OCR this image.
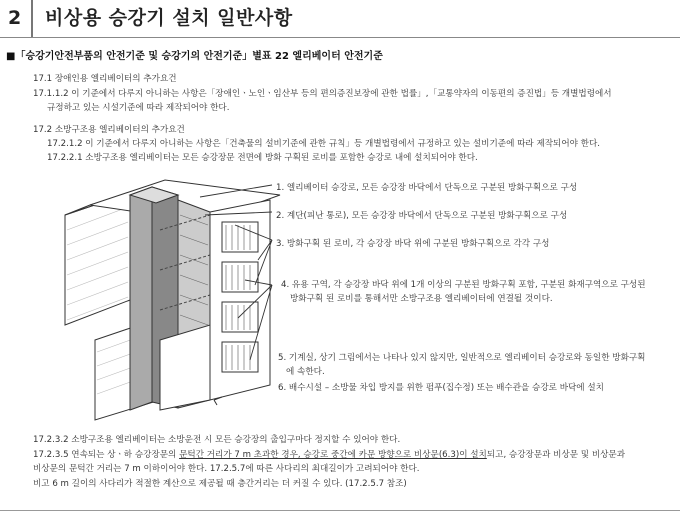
2	비상용 승강기 설치 일반사항
■「승강기안전부품의 안전기준 및 승강기의 안전기준」별표 22 엘리베이터 안전기준
17.1 장애인용 엘리베이터의 추가요건
17.1.1.2 이 기준에서 다루지 아니하는 사항은「장애인ㆍ노인ㆍ임산부 등의 편의증진보장에 관한 법률」,「교통약자의 이동편의 증진법」등 개별법령에서
규정하고 있는 시설기준에 따라 제작되어야 한다.
17.2 소방구조용 엘리베이터의 추가요건
17.2.1.2 이 기준에서 다루지 아니하는 사항은「건축물의 설비기준에 관한 규칙」등 개별법령에서 규정하고 있는 설비기준에 따라 제작되어야 한다.
17.2.2.1 소방구조용 엘리베이터는 모든 승강장문 전면에 방화 구획된 로비를 포함한 승강로 내에 설치되어야 한다.
1. 엘리베이터 승강로, 모든 승강장 바닥에서 단독으로 구분된 방화구획으로 구성
2. 계단(피난 통로), 모든 승강장 바닥에서 단독으로 구분된 방화구획으로 구성
3. 방화구획 된 로비, 각 승강장 바닥 위에 구분된 방화구획으로 각각 구성
4. 유용 구역, 각 승강장 바닥 위에 1개 이상의 구분된 방화구획 포함, 구분된 화재구역으로 구성된
방화구획 된 로비를 통해서만 소방구조용 엘리베이터에 연결될 것이다.
5. 기계실, 상기 그림에서는 나타나 있지 않지만, 일반적으로 엘리베이터 승강로와 동일한 방화구획
에 속한다.
6. 배수시설 – 소방물 차입 방지를 위한 펌푸(집수정) 또는 배수관을 승강로 바닥에 설치
17.2.3.2 소방구조용 엘리베이터는 소방운전 시 모든 승강장의 출입구마다 정지할 수 있어야 한다.
17.2.3.5 연속되는 상ㆍ하 승강장문의 문턱간 거리가 7 m 초과한 경우, 승강로 중간에 카문 방향으로 비상문(6.3)이 설치되고, 승강장문과 비상문 및 비상문과
비상문의 문턱간 거리는 7 m 이하이어야 한다. 17.2.5.7에 따른 사다리의 최대길이가 고려되어야 한다.
비고 6 m 길이의 사다리가 적절한 계산으로 제공될 때 층간거리는 더 커질 수 있다. (17.2.5.7 참조)
